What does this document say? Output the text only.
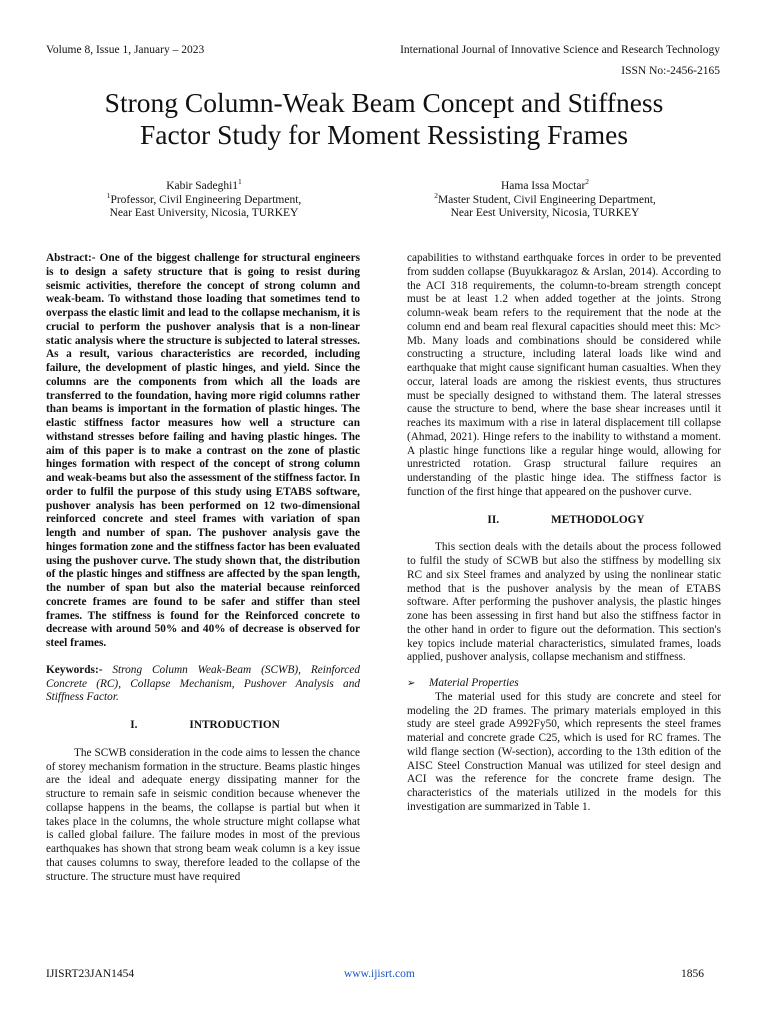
Volume 8, Issue 1, January – 2023	International Journal of Innovative Science and Research Technology
ISSN No:-2456-2165
Strong Column-Weak Beam Concept and Stiffness
Factor Study for Moment Ressisting Frames
Kabir $Sadeghi1^1$
$^1$Professor, Civil Engineering Department,
Near East University, Nicosia, TURKEY
Hama Issa Moctar$^2$
$^2$Master Student, Civil Engineering Department,
Near Eest University, Nicosia, TURKEY

Abstract:- One of the biggest challenge for structural engineers is to design a safety structure that is going to resist during seismic activities, therefore the concept of strong column and weak-beam. To withstand those loading that sometimes tend to overpass the elastic limit and lead to the collapse mechanism, it is crucial to perform the pushover analysis that is a non-linear static analysis where the structure is subjected to lateral stresses. As a result, various characteristics are recorded, including failure, the development of plastic hinges, and yield. Since the columns are the components from which all the loads are transferred to the foundation, having more rigid columns rather than beams is important in the formation of plastic hinges. The elastic stiffness factor measures how well a structure can withstand stresses before failing and having plastic hinges. The aim of this paper is to make a contrast on the zone of plastic hinges formation with respect of the concept of strong column and weak-beams but also the assessment of the stiffness factor. In order to fulfil the purpose of this study using ETABS software, pushover analysis has been performed on 12 two-dimensional reinforced concrete and steel frames with variation of span length and number of span. The pushover analysis gave the hinges formation zone and the stiffness factor has been evaluated using the pushover curve. The study shown that, the distribution of the plastic hinges and stiffness are affected by the span length, the number of span but also the material because reinforced concrete frames are found to be safer and stiffer than steel frames. The stiffness is found for the Reinforced concrete to decrease with around 50% and 40% of decrease is observed for steel frames.

Keywords:- Strong Column Weak-Beam (SCWB), Reinforced Concrete (RC), Collapse Mechanism, Pushover Analysis and Stiffness Factor.

I.	INTRODUCTION

The SCWB consideration in the code aims to lessen the chance of storey mechanism formation in the structure. Beams plastic hinges are the ideal and adequate energy dissipating manner for the structure to remain safe in seismic condition because whenever the collapse happens in the beams, the collapse is partial but when it takes place in the columns, the whole structure might collapse what is called global failure. The failure modes in most of the previous earthquakes has shown that strong beam weak column is a key issue that causes columns to sway, therefore leaded to the collapse of the structure. The structure must have required

capabilities to withstand earthquake forces in order to be prevented from sudden collapse (Buyukkaragoz & Arslan, 2014). According to the ACI 318 requirements, the column-to-bream strength concept must be at least 1.2 when added together at the joints. Strong column-weak beam refers to the requirement that the node at the column end and beam real flexural capacities should meet this: Mc> Mb. Many loads and combinations should be considered while constructing a structure, including lateral loads like wind and earthquake that might cause significant human casualties. When they occur, lateral loads are among the riskiest events, thus structures must be specially designed to withstand them. The lateral stresses cause the structure to bend, where the base shear increases until it reaches its maximum with a rise in lateral displacement till collapse (Ahmad, 2021). Hinge refers to the inability to withstand a moment. A plastic hinge functions like a regular hinge would, allowing for unrestricted rotation. Grasp structural failure requires an understanding of the plastic hinge idea. The stiffness factor is function of the first hinge that appeared on the pushover curve.

II.	METHODOLOGY

This section deals with the details about the process followed to fulfil the study of SCWB but also the stiffness by modelling six RC and six Steel frames and analyzed by using the nonlinear static method that is the pushover analysis by the mean of ETABS software. After performing the pushover analysis, the plastic hinges zone has been assessing in first hand but also the stiffness factor in the other hand in order to figure out the deformation. This section's key topics include material characteristics, simulated frames, loads applied, pushover analysis, collapse mechanism and stiffness.

➢	Material Properties

The material used for this study are concrete and steel for modeling the 2D frames. The primary materials employed in this study are steel grade A992Fy50, which represents the steel frames material and concrete grade C25, which is used for RC frames. The wild flange section (W-section), according to the 13th edition of the AISC Steel Construction Manual was utilized for steel design and ACI was the reference for the concrete frame design. The characteristics of the materials utilized in the models for this investigation are summarized in Table 1.

IJISRT23JAN1454	www.ijisrt.com	1856
